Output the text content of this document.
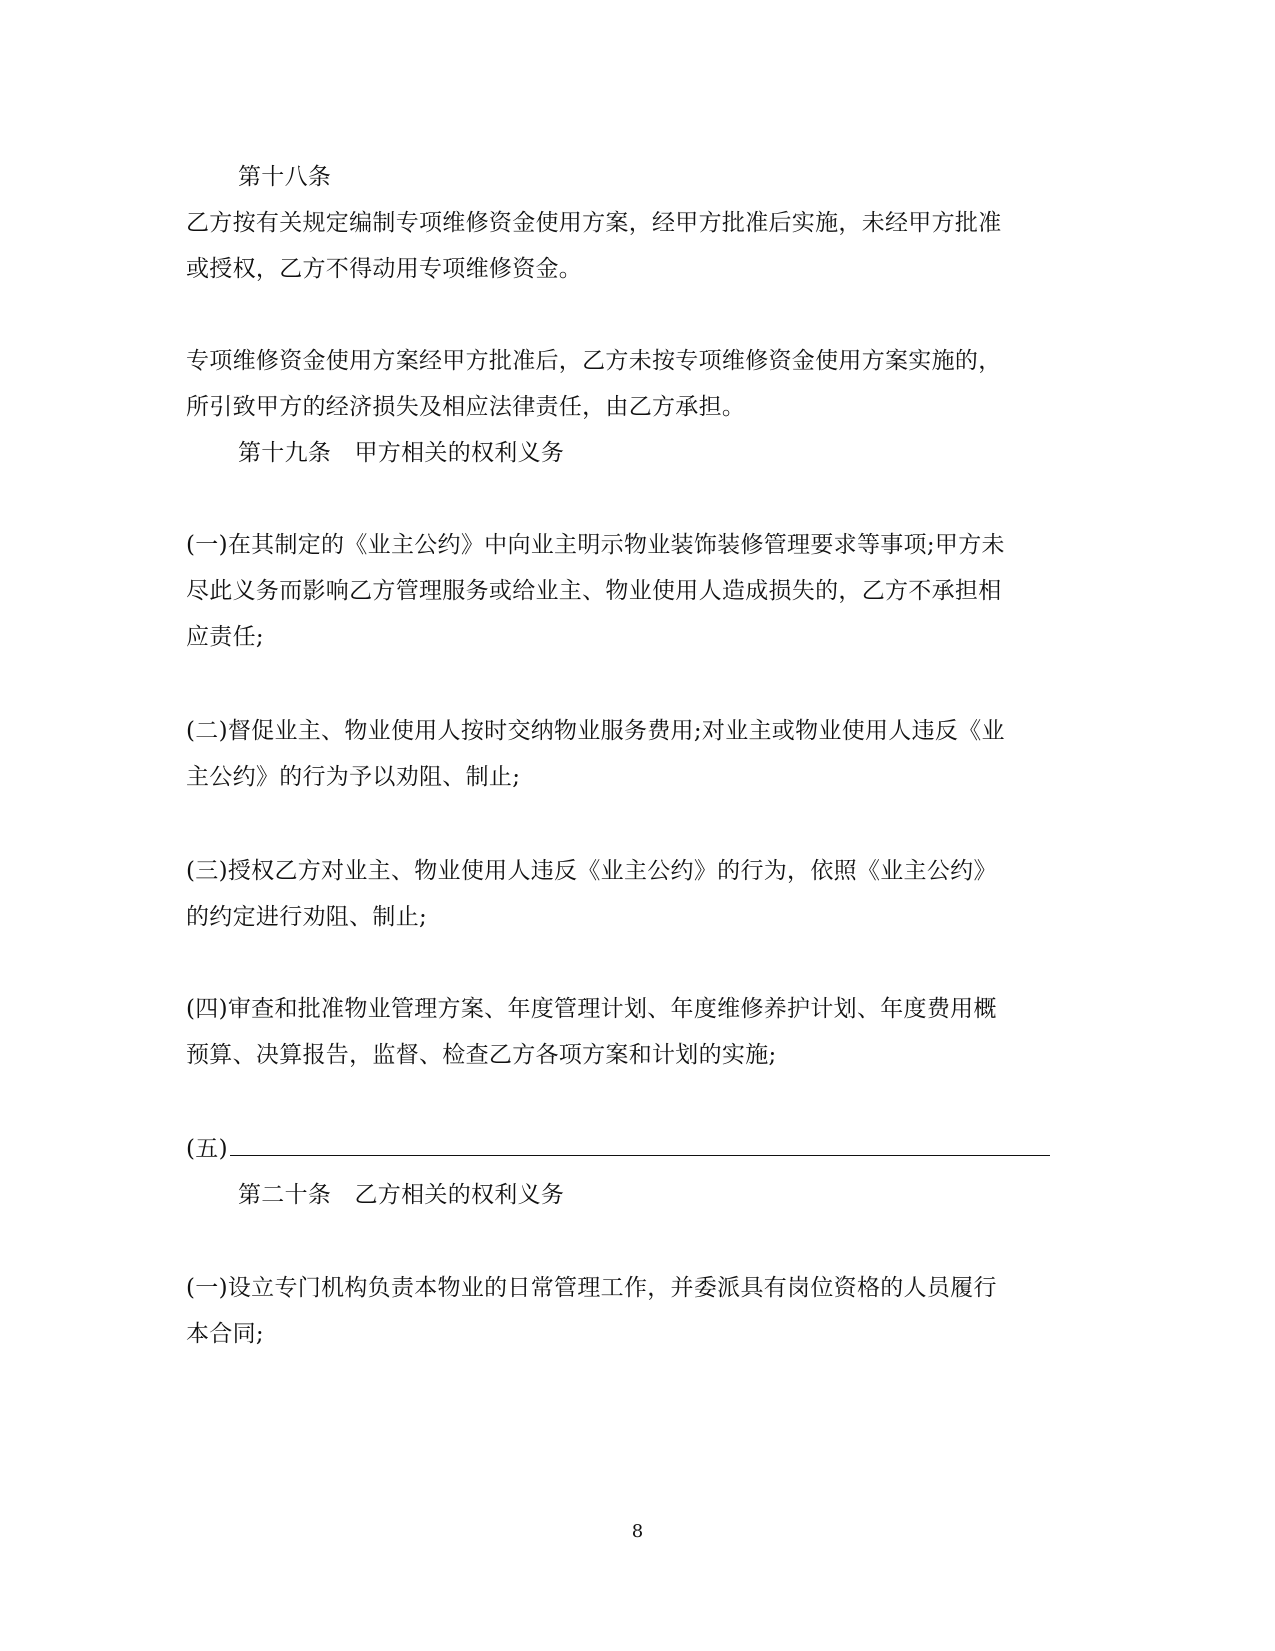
第十八条
乙方按有关规定编制专项维修资金使用方案，经甲方批准后实施，未经甲方批准
或授权，乙方不得动用专项维修资金。
专项维修资金使用方案经甲方批准后，乙方未按专项维修资金使用方案实施的，
所引致甲方的经济损失及相应法律责任，由乙方承担。
第十九条　甲方相关的权利义务
(一)在其制定的《业主公约》中向业主明示物业装饰装修管理要求等事项;甲方未
尽此义务而影响乙方管理服务或给业主、物业使用人造成损失的，乙方不承担相
应责任;
(二)督促业主、物业使用人按时交纳物业服务费用;对业主或物业使用人违反《业
主公约》的行为予以劝阻、制止;
(三)授权乙方对业主、物业使用人违反《业主公约》的行为，依照《业主公约》
的约定进行劝阻、制止;
(四)审查和批准物业管理方案、年度管理计划、年度维修养护计划、年度费用概
预算、决算报告，监督、检查乙方各项方案和计划的实施;
(五)
第二十条　乙方相关的权利义务
(一)设立专门机构负责本物业的日常管理工作，并委派具有岗位资格的人员履行
本合同;
8
